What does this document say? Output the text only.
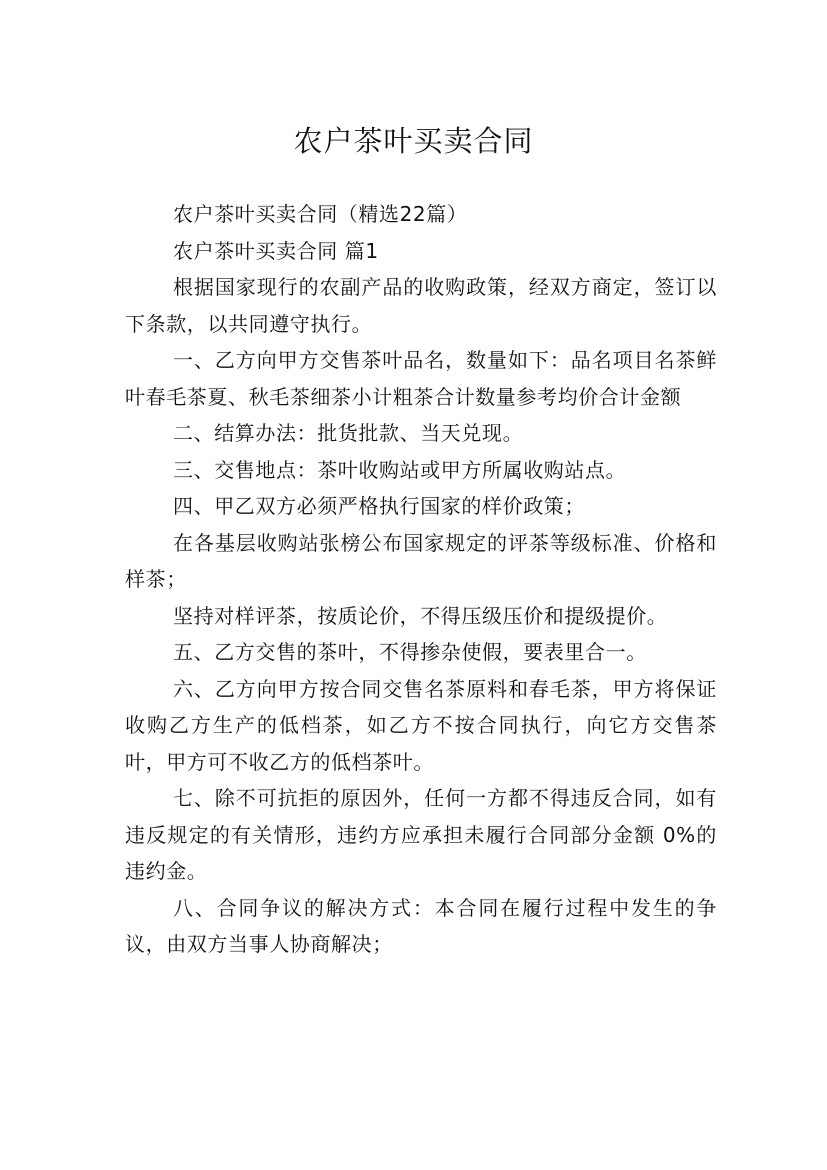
农户茶叶买卖合同

农户茶叶买卖合同（精选22篇）

农户茶叶买卖合同 篇1

根据国家现行的农副产品的收购政策，经双方商定，签订以下条款，以共同遵守执行。

一、乙方向甲方交售茶叶品名，数量如下：品名项目名茶鲜叶春毛茶夏、秋毛茶细茶小计粗茶合计数量参考均价合计金额

二、结算办法：批货批款、当天兑现。

三、交售地点：茶叶收购站或甲方所属收购站点。

四、甲乙双方必须严格执行国家的样价政策；

在各基层收购站张榜公布国家规定的评茶等级标准、价格和样茶；

坚持对样评茶，按质论价，不得压级压价和提级提价。

五、乙方交售的茶叶，不得掺杂使假，要表里合一。

六、乙方向甲方按合同交售名茶原料和春毛茶，甲方将保证收购乙方生产的低档茶，如乙方不按合同执行，向它方交售茶叶，甲方可不收乙方的低档茶叶。

七、除不可抗拒的原因外，任何一方都不得违反合同，如有违反规定的有关情形，违约方应承担未履行合同部分金额 0%的违约金。

八、合同争议的解决方式：本合同在履行过程中发生的争议，由双方当事人协商解决；
